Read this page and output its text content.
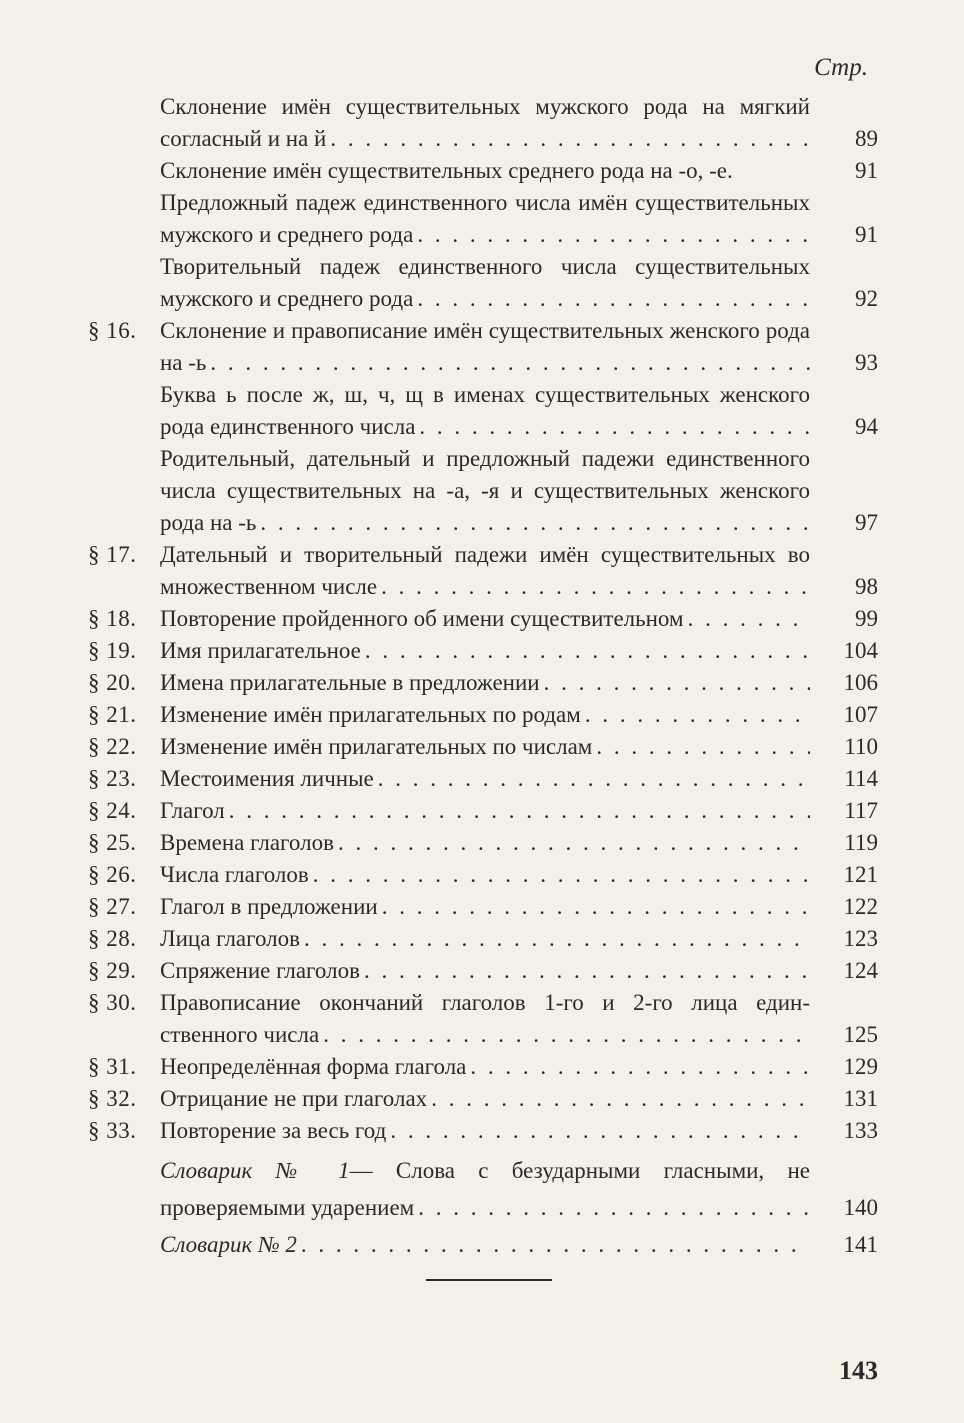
Стр.
Склонение имён существительных мужского рода на мягкий согласный и на й . . .	89
Склонение имён существительных среднего рода на -о, -е.	91
Предложный падеж единственного числа имён существительных мужского и среднего рода . . .	91
Творительный падеж единственного числа существительных мужского и среднего рода . . .	92
§ 16.	Склонение и правописание имён существительных женского рода на -ь . . .	93
Буква ь после ж, ш, ч, щ в именах существительных женского рода единственного числа . . .	94
Родительный, дательный и предложный падежи единственного числа существительных на -а, -я и существительных женского рода на -ь . . .	97
§ 17.	Дательный и творительный падежи имён существительных во множественном числе . . .	98
§ 18.	Повторение пройденного об имени существительном . . .	99
§ 19.	Имя прилагательное . . .	104
§ 20.	Имена прилагательные в предложении . . .	106
§ 21.	Изменение имён прилагательных по родам . . .	107
§ 22.	Изменение имён прилагательных по числам . . .	110
§ 23.	Местоимения личные . . .	114
§ 24.	Глагол . . .	117
§ 25.	Времена глаголов . . .	119
§ 26.	Числа глаголов . . .	121
§ 27.	Глагол в предложении . . .	122
§ 28.	Лица глаголов . . .	123
§ 29.	Спряжение глаголов . . .	124
§ 30.	Правописание окончаний глаголов 1-го и 2-го лица единственного числа . . .	125
§ 31.	Неопределённая форма глагола . . .	129
§ 32.	Отрицание не при глаголах . . .	131
§ 33.	Повторение за весь год . . .	133
Словарик № 1— Слова с безударными гласными, не проверяемыми ударением . . .	140
Словарик № 2 . . .	141
143
